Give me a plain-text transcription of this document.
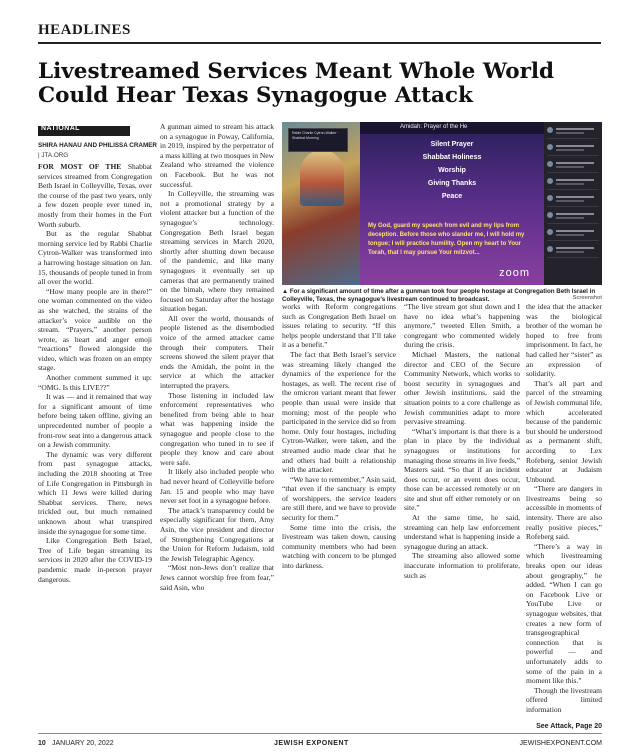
HEADLINES
Livestreamed Services Meant Whole World Could Hear Texas Synagogue Attack
NATIONAL
SHIRA HANAU AND PHILISSA CRAMER
| JTA.ORG

FOR MOST OF THE Shabbat services streamed from Congregation Beth Israel in Colleyville, Texas, over the course of the past two years, only a few dozen people ever tuned in, mostly from their homes in the Fort Worth suburb.

But as the regular Shabbat morning service led by Rabbi Charlie Cytron-Walker was transformed into a harrowing hostage situation on Jan. 15, thousands of people tuned in from all over the world.

“How many people are in there!” one woman commented on the video as she watched, the strains of the attacker’s voice audible on the stream. “Prayers,” another person wrote, as heart and anger emoji “reactions” flowed alongside the video, which was frozen on an empty stage.

Another comment summed it up: “OMG. Is this LIVE??”

It was — and it remained that way for a significant amount of time before being taken offline, giving an unprecedented number of people a front-row seat into a dangerous attack on a Jewish community.

The dynamic was very different from past synagogue attacks, including the 2018 shooting at Tree of Life Congregation in Pittsburgh in which 11 Jews were killed during Shabbat services. There, news trickled out, but much remained unknown about what transpired inside the synagogue for some time.

Like Congregation Beth Israel, Tree of Life began streaming its services in 2020 after the COVID-19 pandemic made in-person prayer dangerous.

A gunman aimed to stream his attack on a synagogue in Poway, California, in 2019, inspired by the perpetrator of a mass killing at two mosques in New Zealand who streamed the violence on Facebook. But he was not successful.

In Colleyville, the streaming was not a promotional strategy by a violent attacker but a function of the synagogue’s technology. Congregation Beth Israel began streaming services in March 2020, shortly after shutting down because of the pandemic, and like many synagogues it eventually set up cameras that are permanently trained on the bimah, where they remained focused on Saturday after the hostage situation began.

All over the world, thousands of people listened as the disembodied voice of the armed attacker came through their computers. Their screens showed the silent prayer that ends the Amidah, the point in the service at which the attacker interrupted the prayers.

Those listening in included law enforcement representatives who benefited from being able to hear what was happening inside the synagogue and people close to the congregation who tuned in to see if people they know and care about were safe.

It likely also included people who had never heard of Colleyville before Jan. 15 and people who may have never set foot in a synagogue before.

The attack’s transparency could be especially significant for them, Amy Asin, the vice president and director of Strengthening Congregations at the Union for Reform Judaism, told the Jewish Telegraphic Agency.

“Most non-Jews don’t realize that Jews cannot worship free from fear,” said Asin, who

Rabbi Charlie Cytron-Walker · Shabbat Morning
Amidah: Prayer of the He
Silent Prayer
Shabbat Holiness
Worship
Giving Thanks
Peace
My God, guard my speech from evil and my lips from deception. Before those who slander me, I will hold my tongue; I will practice humility. Open my heart to Your Torah, that I may pursue Your mitzvot...
zoom
▲ For a significant amount of time after a gunman took four people hostage at Congregation Beth Israel in Colleyville, Texas, the synagogue’s livestream continued to broadcast.	Screenshot

works with Reform congregations such as Congregation Beth Israel on issues relating to security. “If this helps people understand that I’ll take it as a benefit.”

The fact that Beth Israel’s service was streaming likely changed the dynamics of the experience for the hostages, as well. The recent rise of the omicron variant meant that fewer people than usual were inside that morning; most of the people who participated in the service did so from home. Only four hostages, including Cytron-Walker, were taken, and the streamed audio made clear that he and others had built a relationship with the attacker.

“We have to remember,” Asin said, “that even if the sanctuary is empty of worshippers, the service leaders are still there, and we have to provide security for them.”

Some time into the crisis, the livestream was taken down, causing community members who had been watching with concern to be plunged into darkness.

“The live stream got shut down and I have no idea what’s happening anymore,” tweeted Ellen Smith, a congregant who commented widely during the crisis.

Michael Masters, the national director and CEO of the Secure Community Network, which works to boost security in synagogues and other Jewish institutions, said the situation points to a core challenge as Jewish communities adapt to more pervasive streaming.

“What’s important is that there is a plan in place by the individual synagogues or institutions for managing those streams in live feeds,” Masters said. “So that if an incident does occur, or an event does occur, those can be accessed remotely or on site and shut off either remotely or on site.”

At the same time, he said, streaming can help law enforcement understand what is happening inside a synagogue during an attack.

The streaming also allowed some inaccurate information to proliferate, such as

the idea that the attacker was the biological brother of the woman he hoped to free from imprisonment. In fact, he had called her “sister” as an expression of solidarity.

That’s all part and parcel of the streaming of Jewish communal life, which accelerated because of the pandemic but should be understood as a permanent shift, according to Lex Rofeberg, senior Jewish educator at Judaism Unbound.

“There are dangers in livestreams being so accessible in moments of intensity. There are also really positive pieces,” Rofeberg said.

“There’s a way in which livestreaming breaks open our ideas about geography,” he added. “When I can go on Facebook Live or YouTube Live or synagogue websites, that creates a new form of transgeographical connection that is powerful — and unfortunately adds to some of the pain in a moment like this.”

Though the livestream offered limited information

See Attack, Page 20
10 JANUARY 20, 2022	JEWISH EXPONENT	JEWISHEXPONENT.COM
